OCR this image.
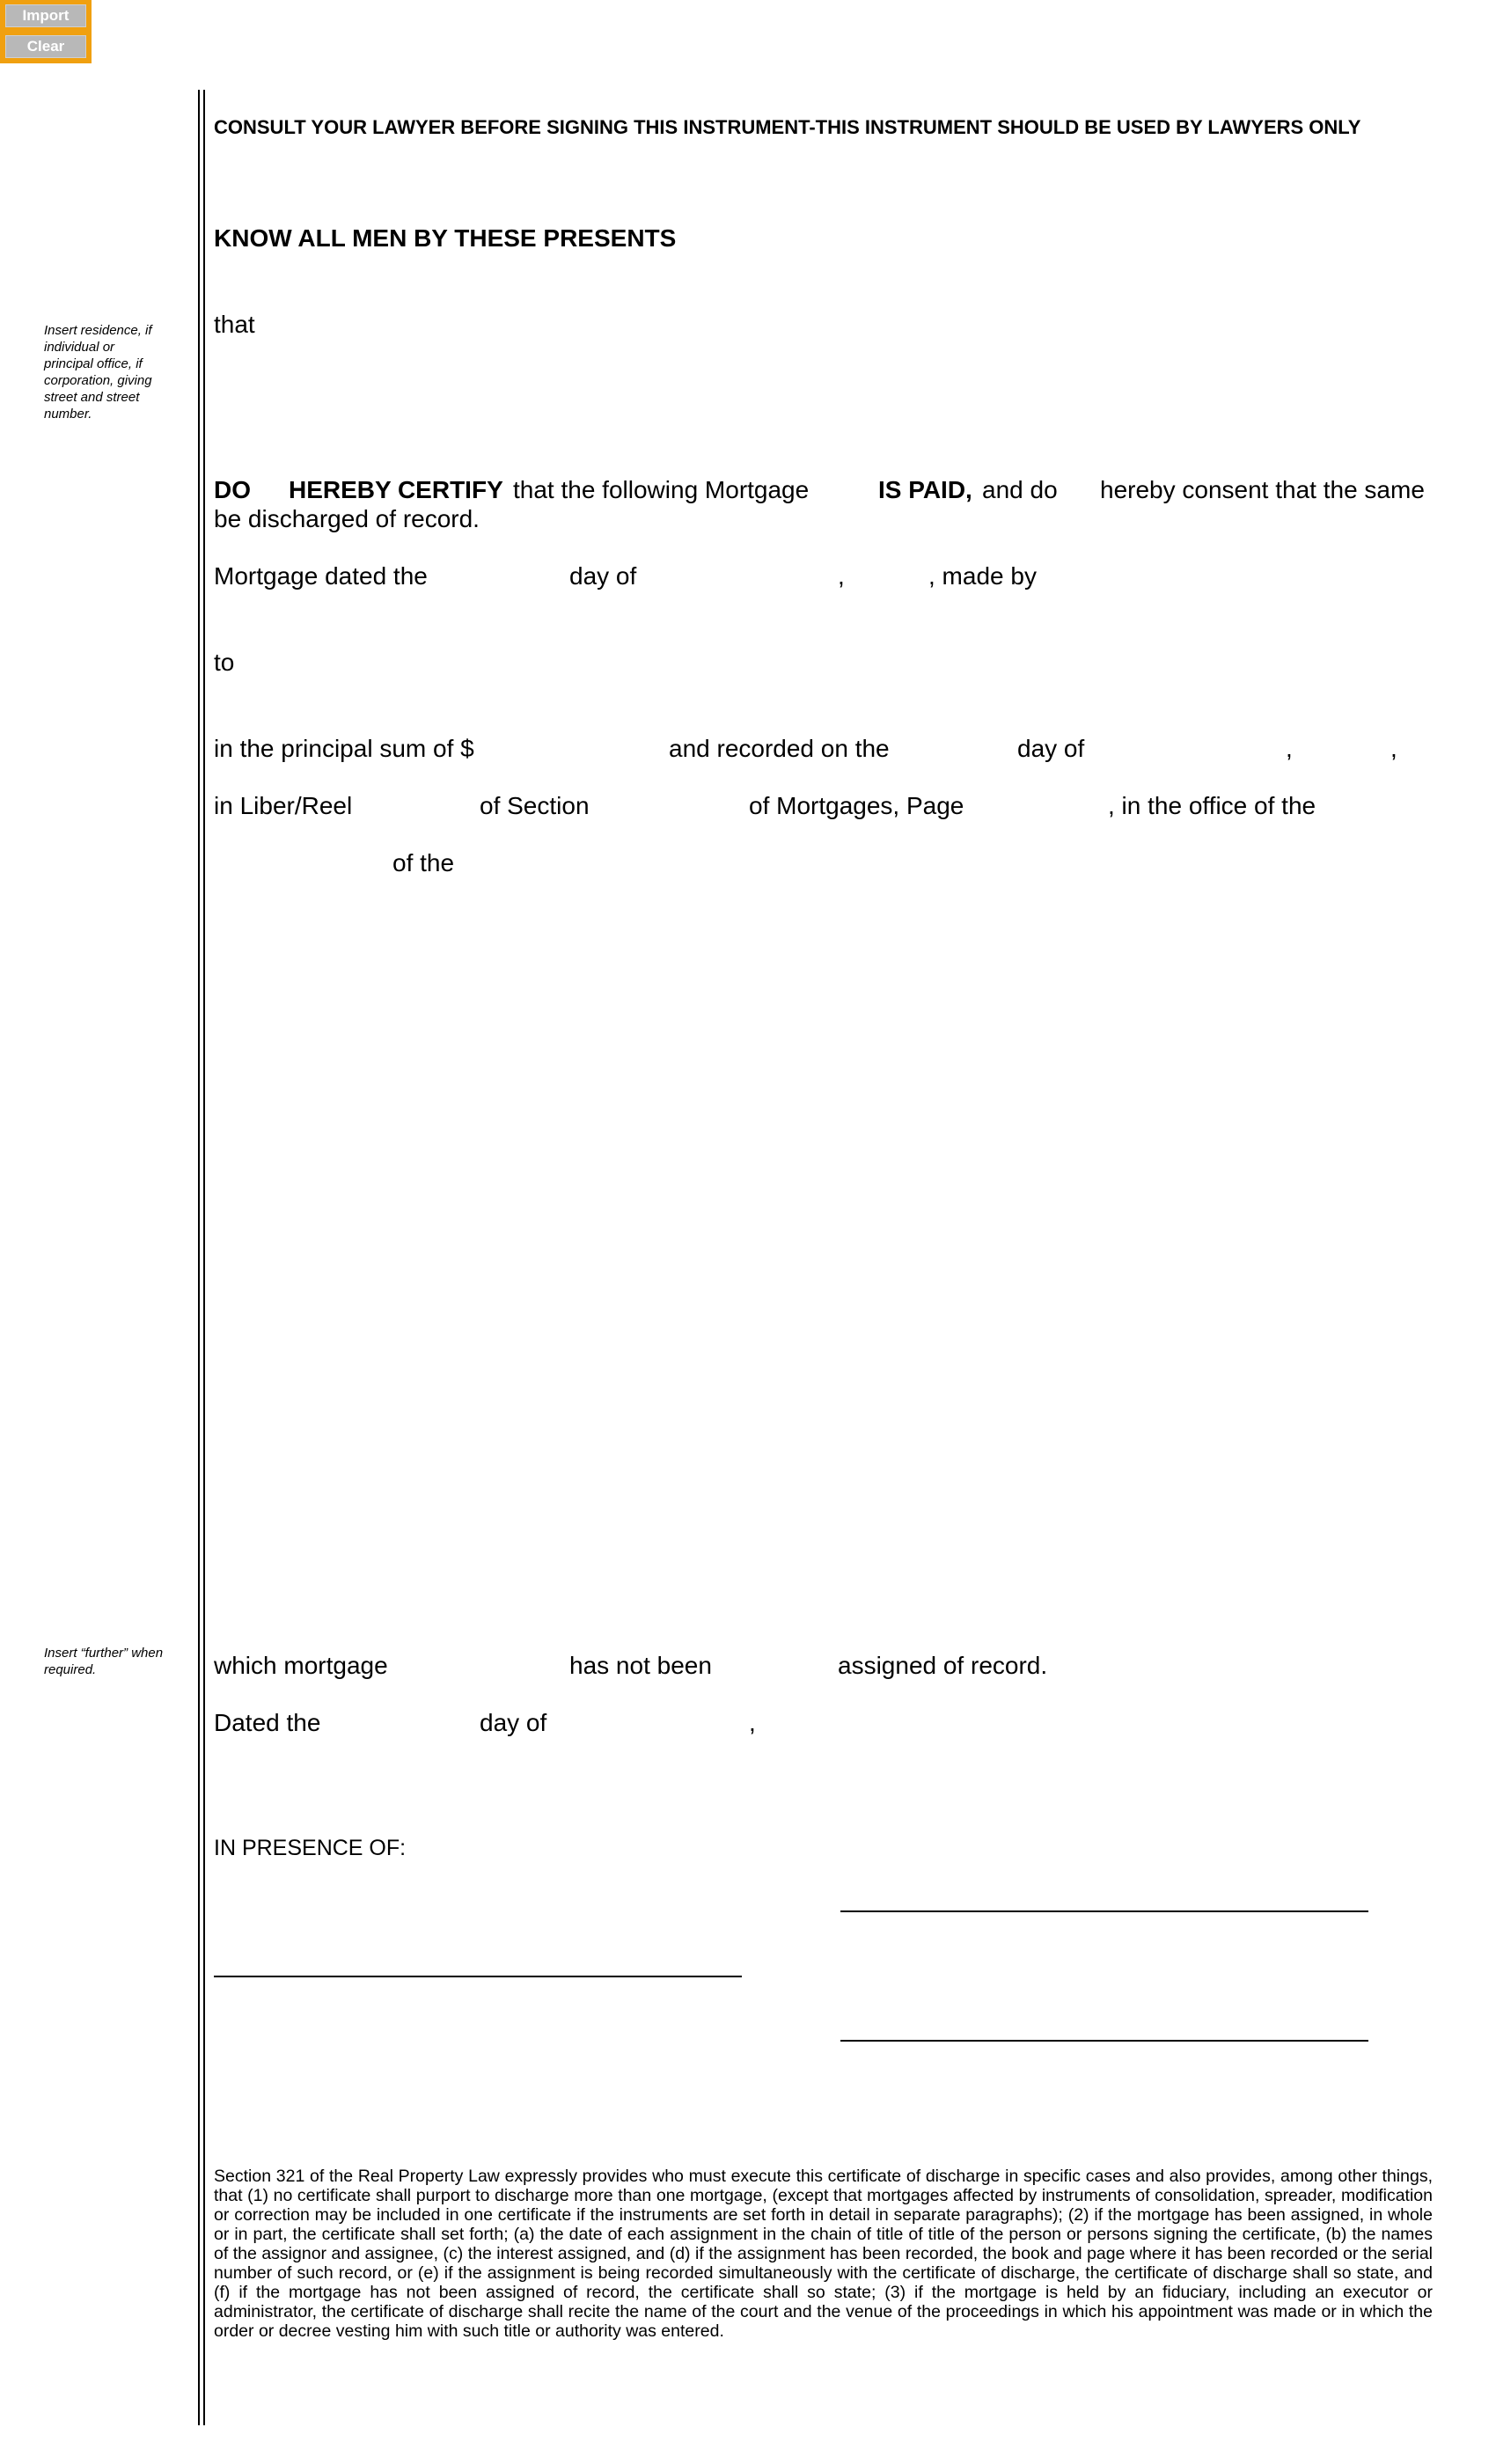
Import
Clear
Insert residence, if individual or principal office, if corporation, giving street and street number.
Insert “further” when required.
CONSULT YOUR LAWYER BEFORE SIGNING THIS INSTRUMENT-THIS INSTRUMENT SHOULD BE USED BY LAWYERS ONLY
KNOW ALL MEN BY THESE PRESENTS
that
DO HEREBY CERTIFY that the following Mortgage	IS PAID, and do hereby consent that the same
be discharged of record.
Mortgage dated the	day of	,	, made by
to
in the principal sum of $	and recorded on the	day of	,	,
in Liber/Reel	of Section	of Mortgages, Page	, in the office of the
of the
which mortgage	has not been	assigned of record.
Dated the	day of	,
IN PRESENCE OF:
Section 321 of the Real Property Law expressly provides who must execute this certificate of discharge in specific cases and also provides, among other things, that (1) no certificate shall purport to discharge more than one mortgage, (except that mortgages affected by instruments of consolidation, spreader, modification or correction may be included in one certificate if the instruments are set forth in detail in separate paragraphs); (2) if the mortgage has been assigned, in whole or in part, the certificate shall set forth; (a) the date of each assignment in the chain of title of title of the person or persons signing the certificate, (b) the names of the assignor and assignee, (c) the interest assigned, and (d) if the assignment has been recorded, the book and page where it has been recorded or the serial number of such record, or (e) if the assignment is being recorded simultaneously with the certificate of discharge, the certificate of discharge shall so state, and (f) if the mortgage has not been assigned of record, the certificate shall so state; (3) if the mortgage is held by an fiduciary, including an executor or administrator, the certificate of discharge shall recite the name of the court and the venue of the proceedings in which his appointment was made or in which the order or decree vesting him with such title or authority was entered.
